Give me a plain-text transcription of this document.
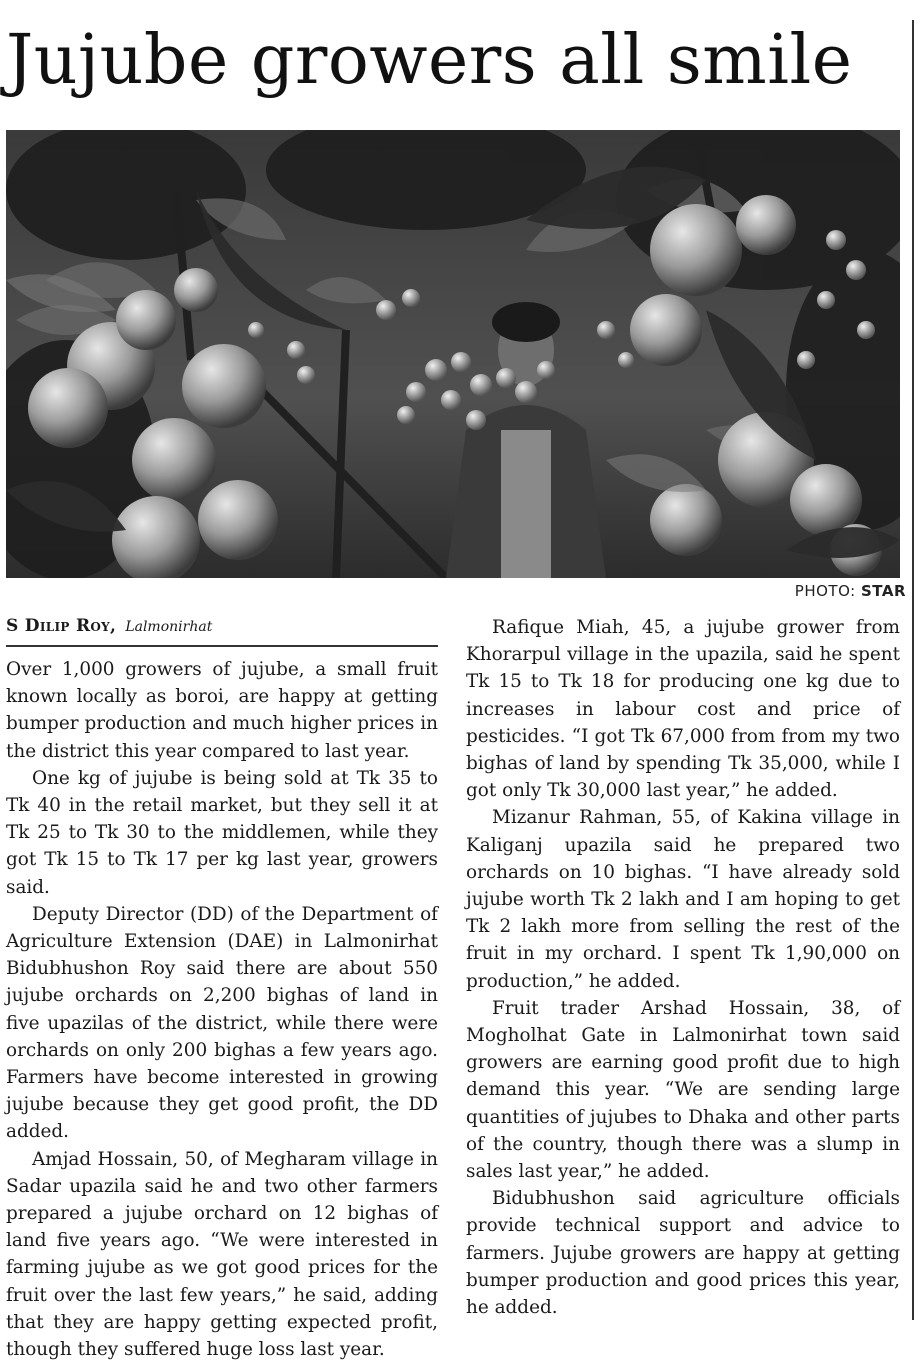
Jujube growers all smile
PHOTO: STAR
S Dilip Roy, Lalmonirhat

Over 1,000 growers of jujube, a small fruit known locally as boroi, are happy at getting bumper production and much higher prices in the district this year compared to last year.

One kg of jujube is being sold at Tk 35 to Tk 40 in the retail market, but they sell it at Tk 25 to Tk 30 to the middlemen, while they got Tk 15 to Tk 17 per kg last year, growers said.

Deputy Director (DD) of the Department of Agriculture Extension (DAE) in Lalmonirhat Bidubhushon Roy said there are about 550 jujube orchards on 2,200 bighas of land in five upazilas of the district, while there were orchards on only 200 bighas a few years ago. Farmers have become interested in growing jujube because they get good profit, the DD added.

Amjad Hossain, 50, of Megharam village in Sadar upazila said he and two other farmers prepared a jujube orchard on 12 bighas of land five years ago. “We were interested in farming jujube as we got good prices for the fruit over the last few years,” he said, adding that they are happy getting expected profit, though they suffered huge loss last year.

Rafique Miah, 45, a jujube grower from Khorarpul village in the upazila, said he spent Tk 15 to Tk 18 for producing one kg due to increases in labour cost and price of pesticides. “I got Tk 67,000 from from my two bighas of land by spending Tk 35,000, while I got only Tk 30,000 last year,” he added.

Mizanur Rahman, 55, of Kakina village in Kaliganj upazila said he prepared two orchards on 10 bighas. “I have already sold jujube worth Tk 2 lakh and I am hoping to get Tk 2 lakh more from selling the rest of the fruit in my orchard. I spent Tk 1,90,000 on production,” he added.

Fruit trader Arshad Hossain, 38, of Mogholhat Gate in Lalmonirhat town said growers are earning good profit due to high demand this year. “We are sending large quantities of jujubes to Dhaka and other parts of the country, though there was a slump in sales last year,” he added.

Bidubhushon said agriculture officials provide technical support and advice to farmers. Jujube growers are happy at getting bumper production and good prices this year, he added.
